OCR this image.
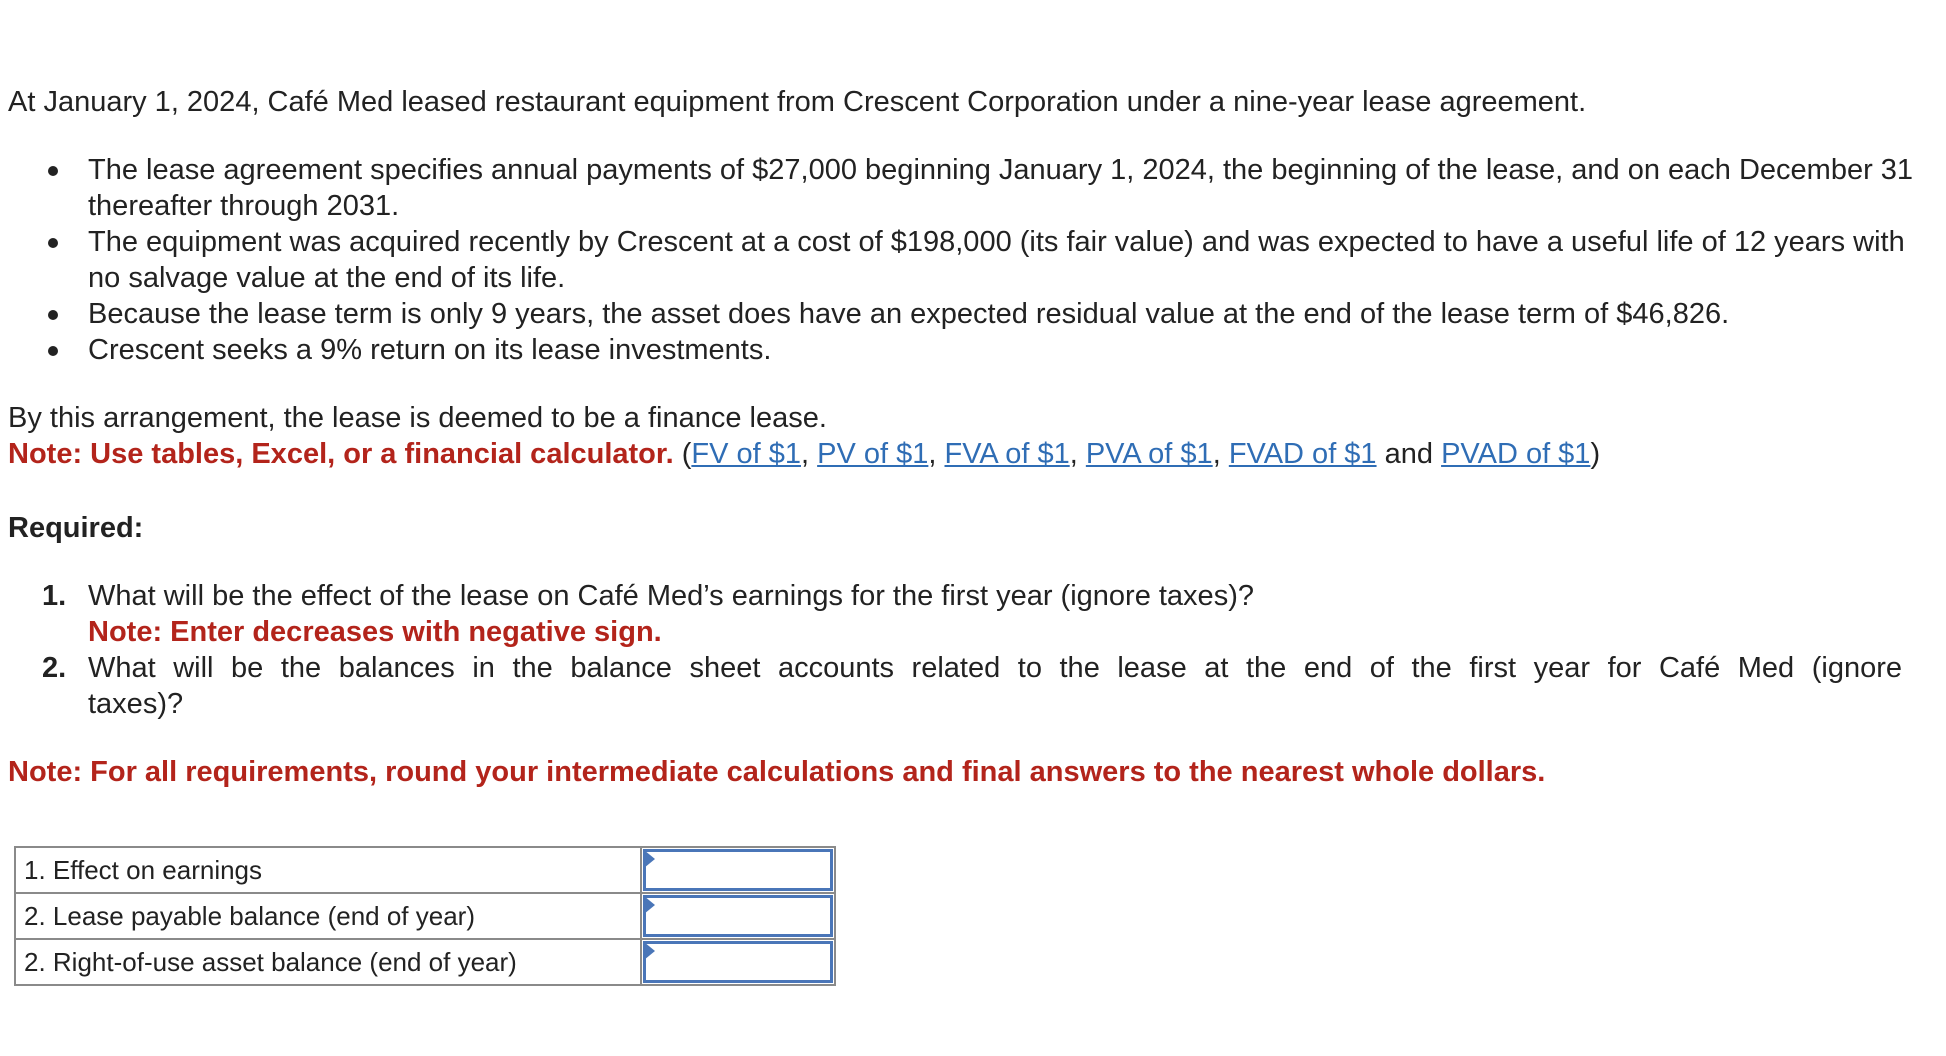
At January 1, 2024, Café Med leased restaurant equipment from Crescent Corporation under a nine-year lease agreement.

The lease agreement specifies annual payments of $27,000 beginning January 1, 2024, the beginning of the lease, and on each December 31 thereafter through 2031.
The equipment was acquired recently by Crescent at a cost of $198,000 (its fair value) and was expected to have a useful life of 12 years with no salvage value at the end of its life.
Because the lease term is only 9 years, the asset does have an expected residual value at the end of the lease term of $46,826.
Crescent seeks a 9% return on its lease investments.

By this arrangement, the lease is deemed to be a finance lease.

Note: Use tables, Excel, or a financial calculator. (FV of $1, PV of $1, FVA of $1, PVA of $1, FVAD of $1 and PVAD of $1)

Required:

1. What will be the effect of the lease on Café Med’s earnings for the first year (ignore taxes)?
Note: Enter decreases with negative sign.
2. What will be the balances in the balance sheet accounts related to the lease at the end of the first year for Café Med (ignore
taxes)?

Note: For all requirements, round your intermediate calculations and final answers to the nearest whole dollars.

1. Effect on earnings	

2. Lease payable balance (end of year)	

2. Right-of-use asset balance (end of year)	
